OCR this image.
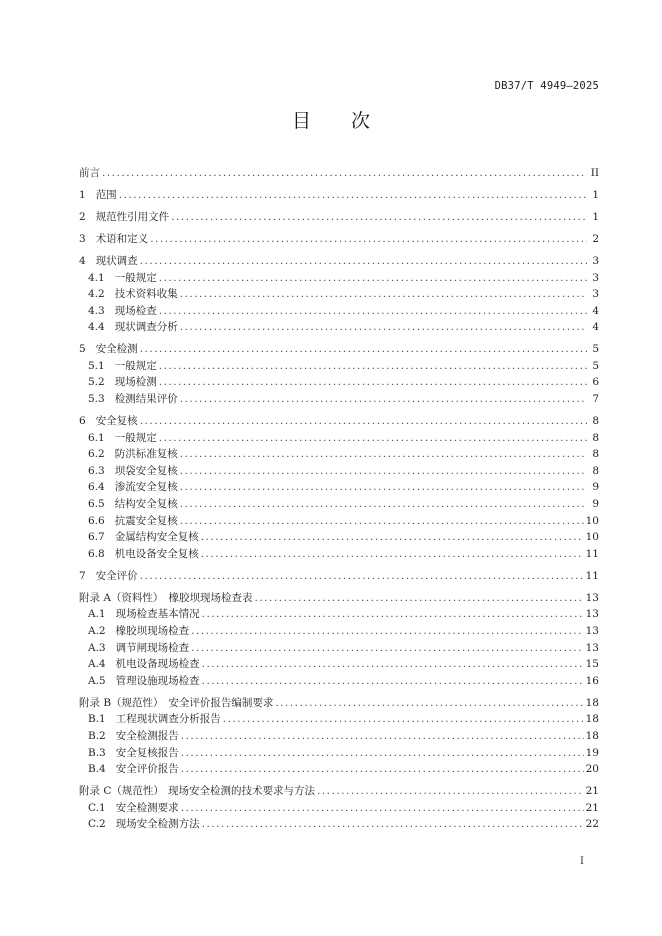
DB37/T 4949—2025
目次
前言 .....	II
1 范围 .....	1
2 规范性引用文件 .....	1
3 术语和定义 .....	2
4 现状调查 .....	3
4.1 一般规定 .....	3
4.2 技术资料收集 .....	3
4.3 现场检查 .....	4
4.4 现状调查分析 .....	4
5 安全检测 .....	5
5.1 一般规定 .....	5
5.2 现场检测 .....	6
5.3 检测结果评价 .....	7
6 安全复核 .....	8
6.1 一般规定 .....	8
6.2 防洪标准复核 .....	8
6.3 坝袋安全复核 .....	8
6.4 渗流安全复核 .....	9
6.5 结构安全复核 .....	9
6.6 抗震安全复核 .....	10
6.7 金属结构安全复核 .....	10
6.8 机电设备安全复核 .....	11
7 安全评价 .....	11
附录 A（资料性） 橡胶坝现场检查表 .....	13
A.1 现场检查基本情况 .....	13
A.2 橡胶坝现场检查 .....	13
A.3 调节闸现场检查 .....	13
A.4 机电设备现场检查 .....	15
A.5 管理设施现场检查 .....	16
附录 B（规范性） 安全评价报告编制要求 .....	18
B.1 工程现状调查分析报告 .....	18
B.2 安全检测报告 .....	18
B.3 安全复核报告 .....	19
B.4 安全评价报告 .....	20
附录 C（规范性） 现场安全检测的技术要求与方法 .....	21
C.1 安全检测要求 .....	21
C.2 现场安全检测方法 .....	22
I
